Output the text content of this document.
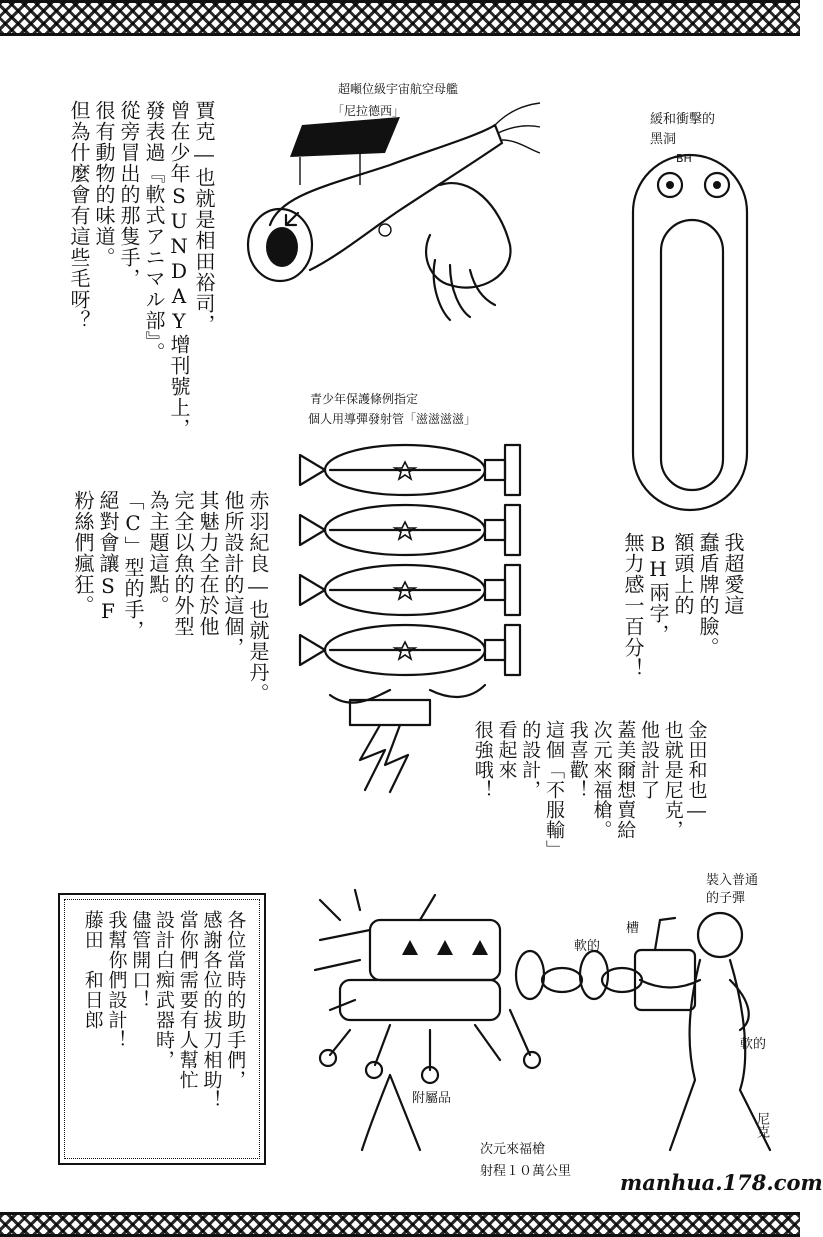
超噸位級宇宙航空母艦
「尼拉德西」
緩和衝擊的
黑洞
BH
賈克―也就是相田裕司，
曾在少年SUNDAY增刊號上，
發表過『軟式アニマル部』。
從旁冒出的那隻手，
很有動物的味道。
但為什麼會有這些毛呀？
青少年保護條例指定
個人用導彈發射管「滋滋滋滋」
赤羽紀良―也就是丹。
他所設計的這個，
其魅力全在於他
完全以魚的外型
為主題這點。
「C」型的手，
絕對會讓SF
粉絲們瘋狂。	我超愛這
蠢盾牌的臉。
額頭上的
BH兩字，
無力感一百分！
金田和也―
也就是尼克，
他設計了
蓋美爾想賣給
次元來福槍。
我喜歡！
這個「不服輸」
的設計，
看起來
很強哦！
各位當時的助手們，
感謝各位的拔刀相助！
當你們需要有人幫忙
設計白痴武器時，
儘管開口！
我幫你們設計！
藤田　和日郎
裝入普通
的子彈
槽
軟的
軟的
附屬品
尼克
次元來福槍
射程１０萬公里 manhua.178.com
